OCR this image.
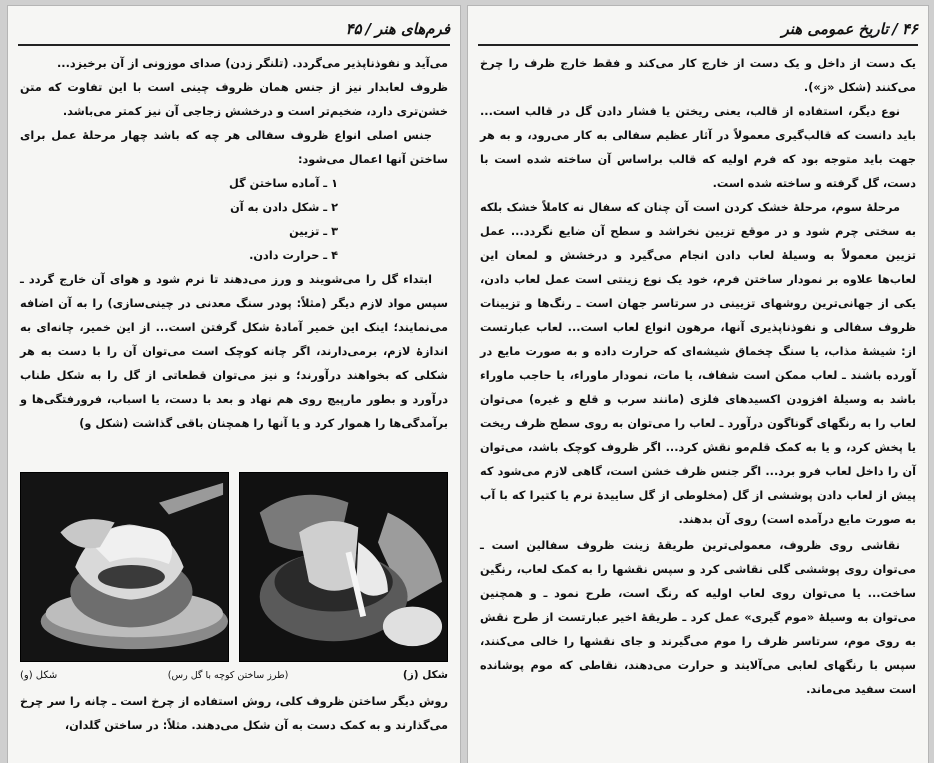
فرم‌های هنر/۴۵

می‌آید و نفوذناپذیر می‌گردد. (تلنگر زدن) صدای موزونی از آن برخیزد...

ظروف لعابدار نیز از جنس همان ظروف چینی است با این تفاوت که متن خشن‌تری دارد، ضخیم‌تر است و درخشش زجاجی آن نیز کمتر می‌باشد.

جنس اصلی انواع ظروف سفالی هر چه که باشد چهار مرحلهٔ عمل برای ساختن آنها اعمال می‌شود:

۱ ـ آماده ساختن گل

۲ ـ شکل دادن به آن

۳ ـ تزیین

۴ ـ حرارت دادن.

ابتداء گل را می‌شویند و ورز می‌دهند تا نرم شود و هوای آن خارج گردد ـ سپس مواد لازم دیگر (مثلاً: پودر سنگ معدنی در چینی‌سازی) را به آن اضافه می‌نمایند؛ اینک این خمیر آمادهٔ شکل گرفتن است... از این خمیر، چانه‌ای به اندازهٔ لازم، برمی‌دارند، اگر چانه کوچک است می‌توان آن را با دست به هر شکلی که بخواهند درآورند؛ و نیز می‌توان قطعاتی از گل را به شکل طناب درآورد و بطور مارپیچ روی هم نهاد و بعد با دست، یا اسباب، فرورفتگی‌ها و برآمدگی‌ها را هموار کرد و یا آنها را همچنان باقی گذاشت (شکل و)

شکل (ز)
(طرز ساختن کوچه با گل رس)
شکل (و)

روش دیگر ساختن ظروف کلی، روش استفاده از چرخ است ـ چانه را سر چرخ می‌گذارند و به کمک دست به آن شکل می‌دهند. مثلاً: در ساختن گلدان،

۴۶/تاریخ عمومی هنر

یک دست از داخل و یک دست از خارج کار می‌کند و فقط خارج ظرف را چرخ می‌کنند (شکل «ز»).

نوع دیگر، استفاده از قالب، یعنی ریختن یا فشار دادن گل در قالب است... باید دانست که قالب‌گیری معمولاً در آثار عظیم سفالی به کار می‌رود، و به هر جهت باید متوجه بود که فرم اولیه که قالب براساس آن ساخته شده است با دست، گل گرفته و ساخته شده است.

مرحلهٔ سوم، مرحلهٔ خشک کردن است آن چنان که سفال نه کاملاً خشک بلکه به سختی چرم شود و در موقع تزیین نخراشد و سطح آن ضایع نگردد... عمل تزیین معمولاً به وسیلهٔ لعاب دادن انجام می‌گیرد و درخشش و لمعان این لعاب‌ها علاوه بر نمودار ساختن فرم، خود یک نوع زینتی است عمل لعاب دادن، یکی از جهانی‌ترین روشهای تزیینی در سرتاسر جهان است ـ رنگ‌ها و تزیینات ظروف سفالی و نفوذناپذیری آنها، مرهون انواع لعاب است... لعاب عبارتست از: شیشهٔ مذاب، یا سنگ چخماق شیشه‌ای که حرارت داده و به صورت مایع در آورده باشند ـ لعاب ممکن است شفاف، یا مات، نمودار ماوراء، یا حاجب ماوراء باشد به وسیلهٔ افزودن اکسیدهای فلزی (مانند سرب و قلع و غیره) می‌توان لعاب را به رنگهای گوناگون درآورد ـ لعاب را می‌توان به روی سطح ظرف ریخت یا پخش کرد، و یا به کمک قلم‌مو نقش کرد... اگر ظروف کوچک باشد، می‌توان آن را داخل لعاب فرو برد... اگر جنس ظرف خشن است، گاهی لازم می‌شود که پیش از لعاب دادن پوششی از گل (مخلوطی از گل ساییدهٔ نرم یا کتیرا که با آب به صورت مایع درآمده است) روی آن بدهند.

نقاشی روی ظروف، معمولی‌ترین طریقهٔ زینت ظروف سفالین است ـ می‌توان روی پوششی گلی نقاشی کرد و سپس نقشها را به کمک لعاب، رنگین ساخت... یا می‌توان روی لعاب اولیه که رنگ است، طرح نمود ـ و همچنین می‌توان به وسیلهٔ «موم گیری» عمل کرد ـ طریقهٔ اخیر عبارتست از طرح نقش به روی موم، سرتاسر ظرف را موم می‌گیرند و جای نقشها را خالی می‌کنند، سپس با رنگهای لعابی می‌آلایند و حرارت می‌دهند، نقاطی که موم پوشانده است سفید می‌ماند.
